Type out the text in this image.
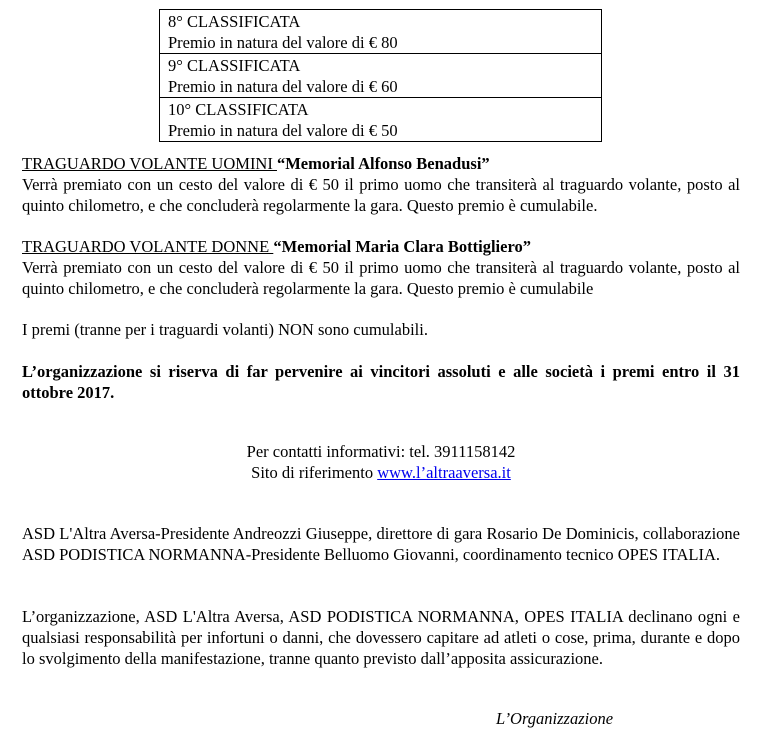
8° CLASSIFICATA
Premio in natura del valore di € 80

9° CLASSIFICATA
Premio in natura del valore di € 60

10° CLASSIFICATA
Premio in natura del valore di € 50
TRAGUARDO VOLANTE UOMINI “Memorial Alfonso Benadusi”

Verrà premiato con un cesto del valore di € 50 il primo uomo che transiterà al traguardo volante, posto al quinto chilometro, e che concluderà regolarmente la gara. Questo premio è cumulabile.

TRAGUARDO VOLANTE DONNE “Memorial Maria Clara Bottigliero”

Verrà premiato con un cesto del valore di € 50 il primo uomo che transiterà al traguardo volante, posto al quinto chilometro, e che concluderà regolarmente la gara. Questo premio è cumulabile

I premi (tranne per i traguardi volanti) NON sono cumulabili.

L’organizzazione si riserva di far pervenire ai vincitori assoluti e alle società i premi entro il 31 ottobre 2017.

Per contatti informativi: tel. 3911158142
Sito di riferimento www.l’altraaversa.it

ASD L'Altra Aversa-Presidente Andreozzi Giuseppe, direttore di gara Rosario De Dominicis, collaborazione ASD PODISTICA NORMANNA-Presidente Belluomo Giovanni, coordinamento tecnico OPES ITALIA.

L’organizzazione, ASD L'Altra Aversa, ASD PODISTICA NORMANNA, OPES ITALIA declinano ogni e qualsiasi responsabilità per infortuni o danni, che dovessero capitare ad atleti o cose, prima, durante e dopo lo svolgimento della manifestazione, tranne quanto previsto dall’apposita assicurazione.

L’Organizzazione
